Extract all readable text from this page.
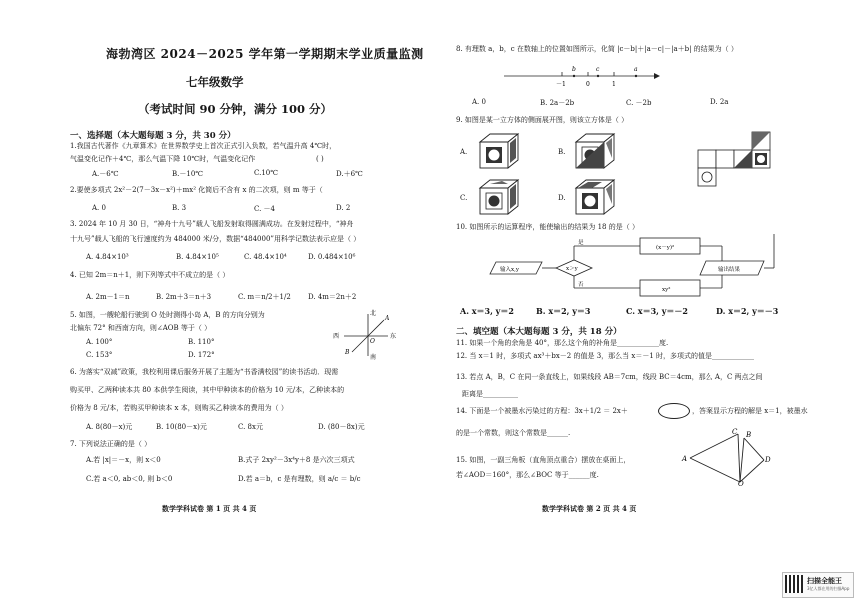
海勃湾区 2024－2025 学年第一学期期末学业质量监测
七年级数学
（考试时间 90 分钟，满分 100 分）
一、选择题（本大题每题 3 分，共 30 分）
1.我国古代著作《九章算术》在世界数学史上首次正式引入负数，若气温升高 4℃时，
气温变化记作＋4℃，那么气温下降 10℃时，气温变化记作	( )
A.－6℃	B.－10℃	C.10℃	D.＋6℃
2.要使多项式 2x²－2(7－3x－x²)＋mx² 化简后不含有 x 的二次项，则 m 等于（
A. 0	B. 3	C. －4	D. 2
3. 2024 年 10 月 30 日，“神舟十九号”载人飞船发射取得圆满成功。在发射过程中，“神舟
十九号”载人飞船的飞行速度约为 484000 米/分，数据“484000”用科学记数法表示应是（ ）
A. 4.84×10³	B. 4.84×10⁵	C. 48.4×10⁴	D. 0.484×10⁶
4. 已知 2m＝n＋1，则下列等式中不成立的是（ ）
A. 2m－1＝n	B. 2m＋3＝n＋3	C. m＝n/2＋1/2 D. 4m＝2n＋2
5. 如图，一艘轮船行驶到 O 处时测得小岛 A，B 的方向分别为
北偏东 72° 和西南方向，则∠AOB 等于（ ）
A. 100°	B. 110°
C. 153°	D. 172°
北
南
西	东
A
B
O
6. 为落实“双减”政策，我校利用课后服务开展了主题为“书香满校园”的读书活动．现需
购买甲、乙两种读本共 80 本供学生阅读，其中甲种读本的价格为 10 元/本，乙种读本的
价格为 8 元/本，若购买甲种读本 x 本，则购买乙种读本的费用为（ ）
A. 8(80－x)元	B. 10(80－x)元	C. 8x元	D. (80－8x)元
7. 下列说法正确的是（ ）
A.若 |x|＝－x，则 x＜0	B.式子 2xy²－3x⁴y＋8 是六次三项式
C.若 a＜0, ab＜0, 则 b＜0	D.若 a＝b，c 是有理数，则 a/c ＝ b/c
数学学科试卷 第 1 页 共 4 页
8. 有理数 a，b，c 在数轴上的位置如图所示，化简 |c－b|＋|a－c|－|a＋b| 的结果为（ ）
－1	0	1
b	c	a
A. 0	B. 2a－2b	C. －2b	D. 2a
9. 如图是某一立方体的侧面展开图，则该立方体是（ ）
A.	B.
C.	D.
10. 如图所示的运算程序，能使输出的结果为 18 的是（ ）
输入x,y	x＞y
是
否
(x－y)²
xy²
输出结果
A. x＝3, y＝2	B. x＝2, y＝3	C. x＝3, y＝－2	D. x＝2, y＝－3
二、填空题（本大题每题 3 分，共 18 分）
11. 如果一个角的余角是 40°，那么这个角的补角是____________度.
12. 当 x＝1 时，多项式 ax³＋bx－2 的值是 3，那么当 x＝－1 时，多项式的值是____________
13. 若点 A，B，C 在同一条直线上，如果线段 AB＝7cm，线段 BC＝4cm，那么 A，C 两点之间
距离是__________
14. 下面是一个被墨水污染过的方程：3x＋1/2 ＝ 2x＋	，答案显示方程的解是 x＝1，被墨水
的是一个常数，则这个常数是______.
15. 如图，一副三角板（直角顶点重合）摆放在桌面上，
若∠AOD＝160°，那么∠BOC 等于______度.
A
B
C
D
O
数学学科试卷 第 2 页 共 4 页
扫描全能王
3亿人都在用的扫描App
